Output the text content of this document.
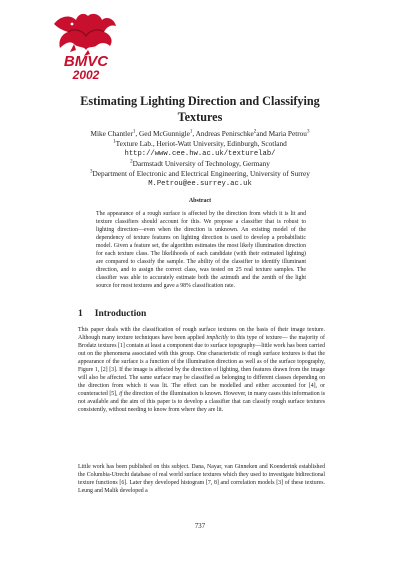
BMVC
2002
Estimating Lighting Direction and Classifying
Textures
Mike Chantler$^1$, Ged McGunnigle$^1$, Andreas Penirschke$^2$and Maria Petrou$^3$
$^1$Texture Lab., Heriot-Watt University, Edinburgh, Scotland
http://www.cee.hw.ac.uk/texturelab/
$^2$Darmstadt University of Technology, Germany
$^3$Department of Electronic and Electrical Engineering, University of Surrey
M.Petrou@ee.surrey.ac.uk
Abstract

The appearance of a rough surface is affected by the direction from which it is lit and texture classifiers should account for this. We propose a classifier that is robust to lighting direction—even when the direction is unknown. An existing model of the dependency of texture features on lighting direction is used to develop a probabilistic model. Given a feature set, the algorithm estimates the most likely illumination direction for each texture class. The likelihoods of each candidate (with their estimated lighting) are compared to classify the sample. The ability of the classifier to identify illuminant direction, and to assign the correct class, was tested on 25 real texture samples. The classifier was able to accurately estimate both the azimuth and the zenith of the light source for most textures and gave a 98% classification rate.

1 Introduction

This paper deals with the classification of rough surface textures on the basis of their image texture. Although many texture techniques have been applied implicitly to this type of texture— the majority of Brodatz textures [1] contain at least a component due to surface topography—little work has been carried out on the phenomena associated with this group. One characteristic of rough surface textures is that the appearance of the surface is a function of the illumination direction as well as of the surface topography, Figure 1, [2] [3]. If the image is affected by the direction of lighting, then features drawn from the image will also be affected. The same surface may be classified as belonging to different classes depending on the direction from which it was lit. The effect can be modelled and either accounted for [4], or counteracted [5], if the direction of the illumination is known. However, in many cases this information is not available and the aim of this paper is to develop a classifier that can classify rough surface textures consistently, without needing to know from where they are lit.

Little work has been published on this subject. Dana, Nayar, van Ginneken and Koenderink established the Columbia-Utrecht database of real world surface textures which they used to investigate bidirectional texture functions [6]. Later they developed histogram [7, 8] and correlation models [3] of these textures. Leung and Malik developed a

737
